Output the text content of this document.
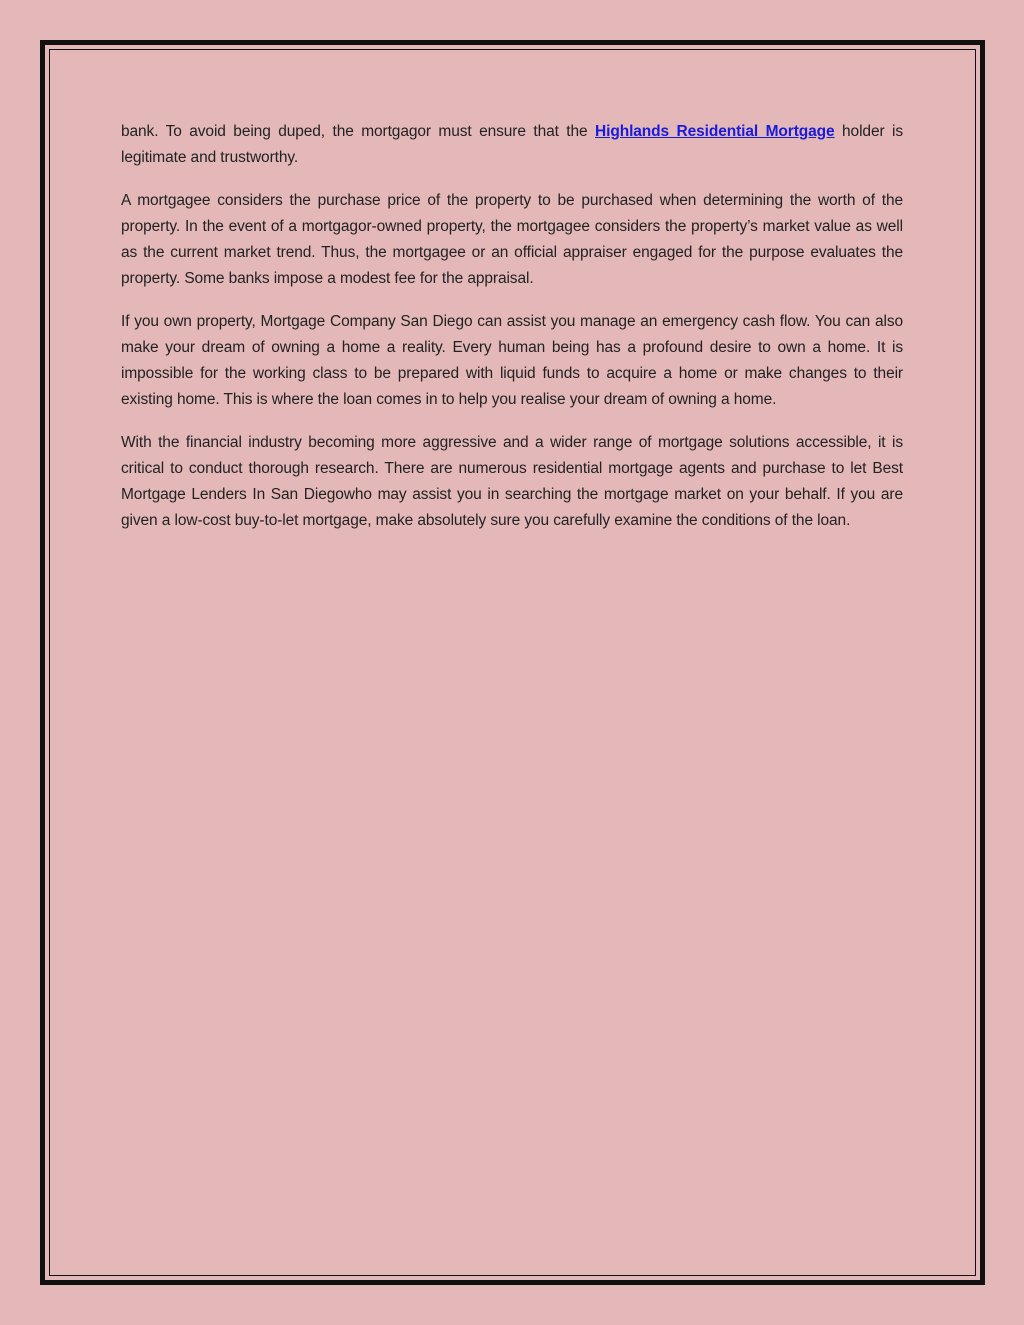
bank. To avoid being duped, the mortgagor must ensure that the Highlands Residential Mortgage holder is legitimate and trustworthy.

A mortgagee considers the purchase price of the property to be purchased when determining the worth of the property. In the event of a mortgagor-owned property, the mortgagee considers the property’s market value as well as the current market trend. Thus, the mortgagee or an official appraiser engaged for the purpose evaluates the property. Some banks impose a modest fee for the appraisal.

If you own property, Mortgage Company San Diego can assist you manage an emergency cash flow. You can also make your dream of owning a home a reality. Every human being has a profound desire to own a home. It is impossible for the working class to be prepared with liquid funds to acquire a home or make changes to their existing home. This is where the loan comes in to help you realise your dream of owning a home.

With the financial industry becoming more aggressive and a wider range of mortgage solutions accessible, it is critical to conduct thorough research. There are numerous residential mortgage agents and purchase to let Best Mortgage Lenders In San Diegowho may assist you in searching the mortgage market on your behalf. If you are given a low-cost buy-to-let mortgage, make absolutely sure you carefully examine the conditions of the loan.
